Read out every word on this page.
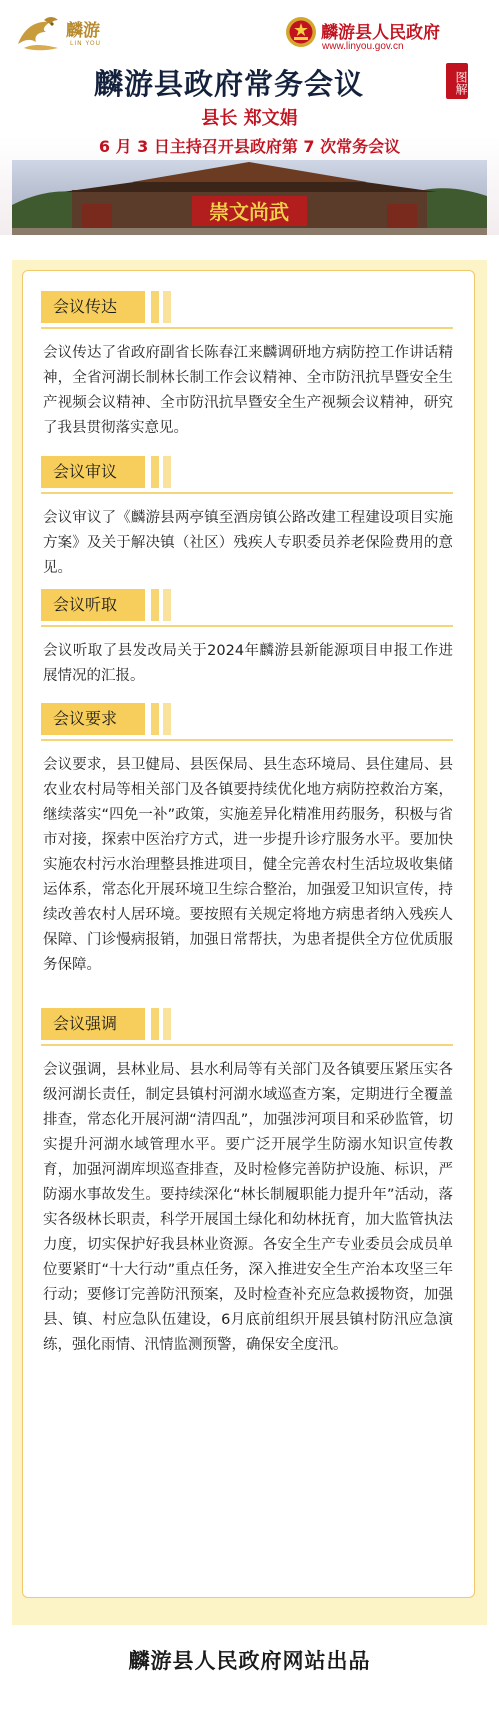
麟游
LIN YOU
麟游县人民政府
www.linyou.gov.cn
麟游县政府常务会议	图解
县长 郑文娟
6 月 3 日主持召开县政府第 7 次常务会议
崇文尚武
会议传达

会议传达了省政府副省长陈春江来麟调研地方病防控工作讲话精神，全省河湖长制林长制工作会议精神、全市防汛抗旱暨安全生产视频会议精神、全市防汛抗旱暨安全生产视频会议精神，研究了我县贯彻落实意见。

会议审议

会议审议了《麟游县两亭镇至酒房镇公路改建工程建设项目实施方案》及关于解决镇（社区）残疾人专职委员养老保险费用的意见。

会议听取

会议听取了县发改局关于2024年麟游县新能源项目申报工作进展情况的汇报。

会议要求

会议要求，县卫健局、县医保局、县生态环境局、县住建局、县农业农村局等相关部门及各镇要持续优化地方病防控救治方案，继续落实“四免一补”政策，实施差异化精准用药服务，积极与省市对接，探索中医治疗方式，进一步提升诊疗服务水平。要加快实施农村污水治理整县推进项目，健全完善农村生活垃圾收集储运体系，常态化开展环境卫生综合整治，加强爱卫知识宣传，持续改善农村人居环境。要按照有关规定将地方病患者纳入残疾人保障、门诊慢病报销，加强日常帮扶，为患者提供全方位优质服务保障。

会议强调

会议强调，县林业局、县水利局等有关部门及各镇要压紧压实各级河湖长责任，制定县镇村河湖水域巡查方案，定期进行全覆盖排查，常态化开展河湖“清四乱”，加强涉河项目和采砂监管，切实提升河湖水域管理水平。要广泛开展学生防溺水知识宣传教育，加强河湖库坝巡查排查，及时检修完善防护设施、标识，严防溺水事故发生。要持续深化“林长制履职能力提升年”活动，落实各级林长职责，科学开展国土绿化和幼林抚育，加大监管执法力度，切实保护好我县林业资源。各安全生产专业委员会成员单位要紧盯“十大行动”重点任务，深入推进安全生产治本攻坚三年行动；要修订完善防汛预案，及时检查补充应急救援物资，加强县、镇、村应急队伍建设，6月底前组织开展县镇村防汛应急演练，强化雨情、汛情监测预警，确保安全度汛。

麟游县人民政府网站出品
